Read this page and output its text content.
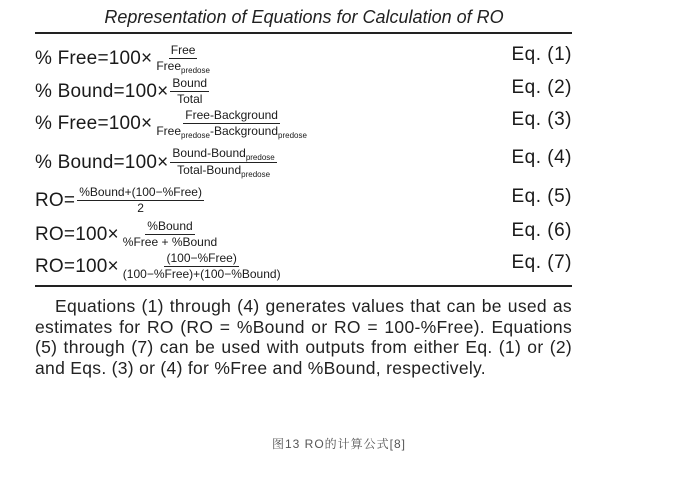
Representation of Equations for Calculation of RO
% Free=100× $\frac{\text{Free}}{Free_{predose}}$	Eq. (1)
% Bound=100× $\frac{\text{Bound}}{\text{Total}}$	Eq. (2)
% Free=100× $\frac{\text{Free-Background}}{Free_{predose}-Background_{predose}}$	Eq. (3)
% Bound=100× $\frac{Bound-Bound_{predose}}{Total-Bound_{predose}}$	Eq. (4)
$RO= \frac{\text{\%Bound+(100−\%Free)}}{2}$	Eq. (5)
$RO=100\times \frac{\text{\%Bound}}{\text{\%Free + \%Bound}}$	Eq. (6)
$RO=100\times \frac{\text{(100−\%Free)}}{\text{(100−\%Free)+(100−\%Bound)}}$	Eq. (7)
Equations (1) through (4) generates values that can be used as estimates for RO (RO = %Bound or RO = 100-%Free). Equations (5) through (7) can be used with outputs from either Eq. (1) or (2) and Eqs. (3) or (4) for %Free and %Bound, respectively.
图13 RO的计算公式[8]
